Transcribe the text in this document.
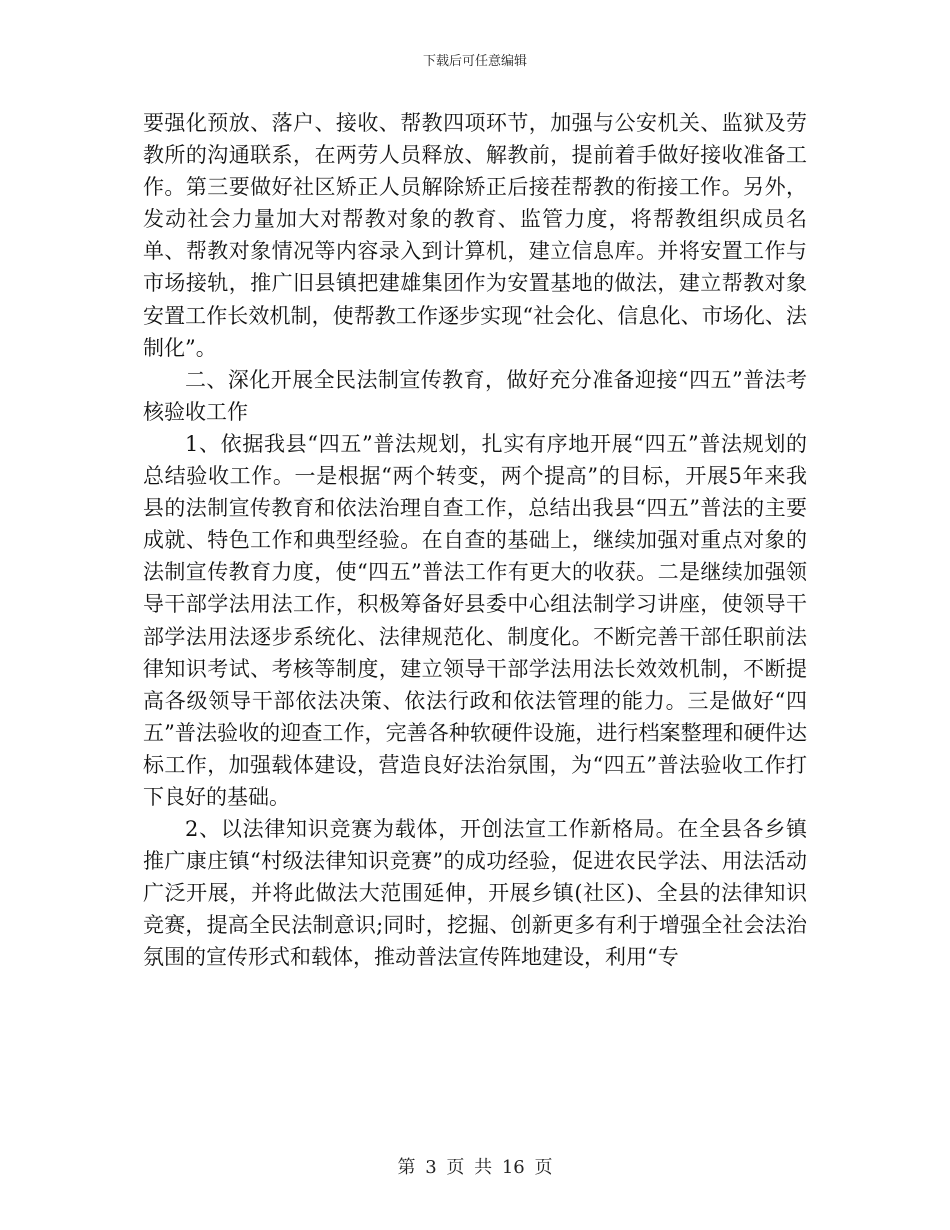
下载后可任意编辑

要强化预放、落户、接收、帮教四项环节，加强与公安机关、监狱及劳教所的沟通联系，在两劳人员释放、解教前，提前着手做好接收准备工作。第三要做好社区矫正人员解除矫正后接茬帮教的衔接工作。另外，发动社会力量加大对帮教对象的教育、监管力度，将帮教组织成员名单、帮教对象情况等内容录入到计算机，建立信息库。并将安置工作与市场接轨，推广旧县镇把建雄集团作为安置基地的做法，建立帮教对象安置工作长效机制，使帮教工作逐步实现“社会化、信息化、市场化、法制化”。

二、深化开展全民法制宣传教育，做好充分准备迎接“四五”普法考核验收工作

1、依据我县“四五”普法规划，扎实有序地开展“四五”普法规划的总结验收工作。一是根据“两个转变，两个提高”的目标，开展5年来我县的法制宣传教育和依法治理自查工作，总结出我县“四五”普法的主要成就、特色工作和典型经验。在自查的基础上，继续加强对重点对象的法制宣传教育力度，使“四五”普法工作有更大的收获。二是继续加强领导干部学法用法工作，积极筹备好县委中心组法制学习讲座，使领导干部学法用法逐步系统化、法律规范化、制度化。不断完善干部任职前法律知识考试、考核等制度，建立领导干部学法用法长效效机制，不断提高各级领导干部依法决策、依法行政和依法管理的能力。三是做好“四五”普法验收的迎查工作，完善各种软硬件设施，进行档案整理和硬件达标工作，加强载体建设，营造良好法治氛围，为“四五”普法验收工作打下良好的基础。

2、以法律知识竞赛为载体，开创法宣工作新格局。在全县各乡镇推广康庄镇“村级法律知识竞赛”的成功经验，促进农民学法、用法活动广泛开展，并将此做法大范围延伸，开展乡镇(社区)、全县的法律知识竞赛，提高全民法制意识;同时，挖掘、创新更多有利于增强全社会法治氛围的宣传形式和载体，推动普法宣传阵地建设，利用“专

第 3 页 共 16 页
